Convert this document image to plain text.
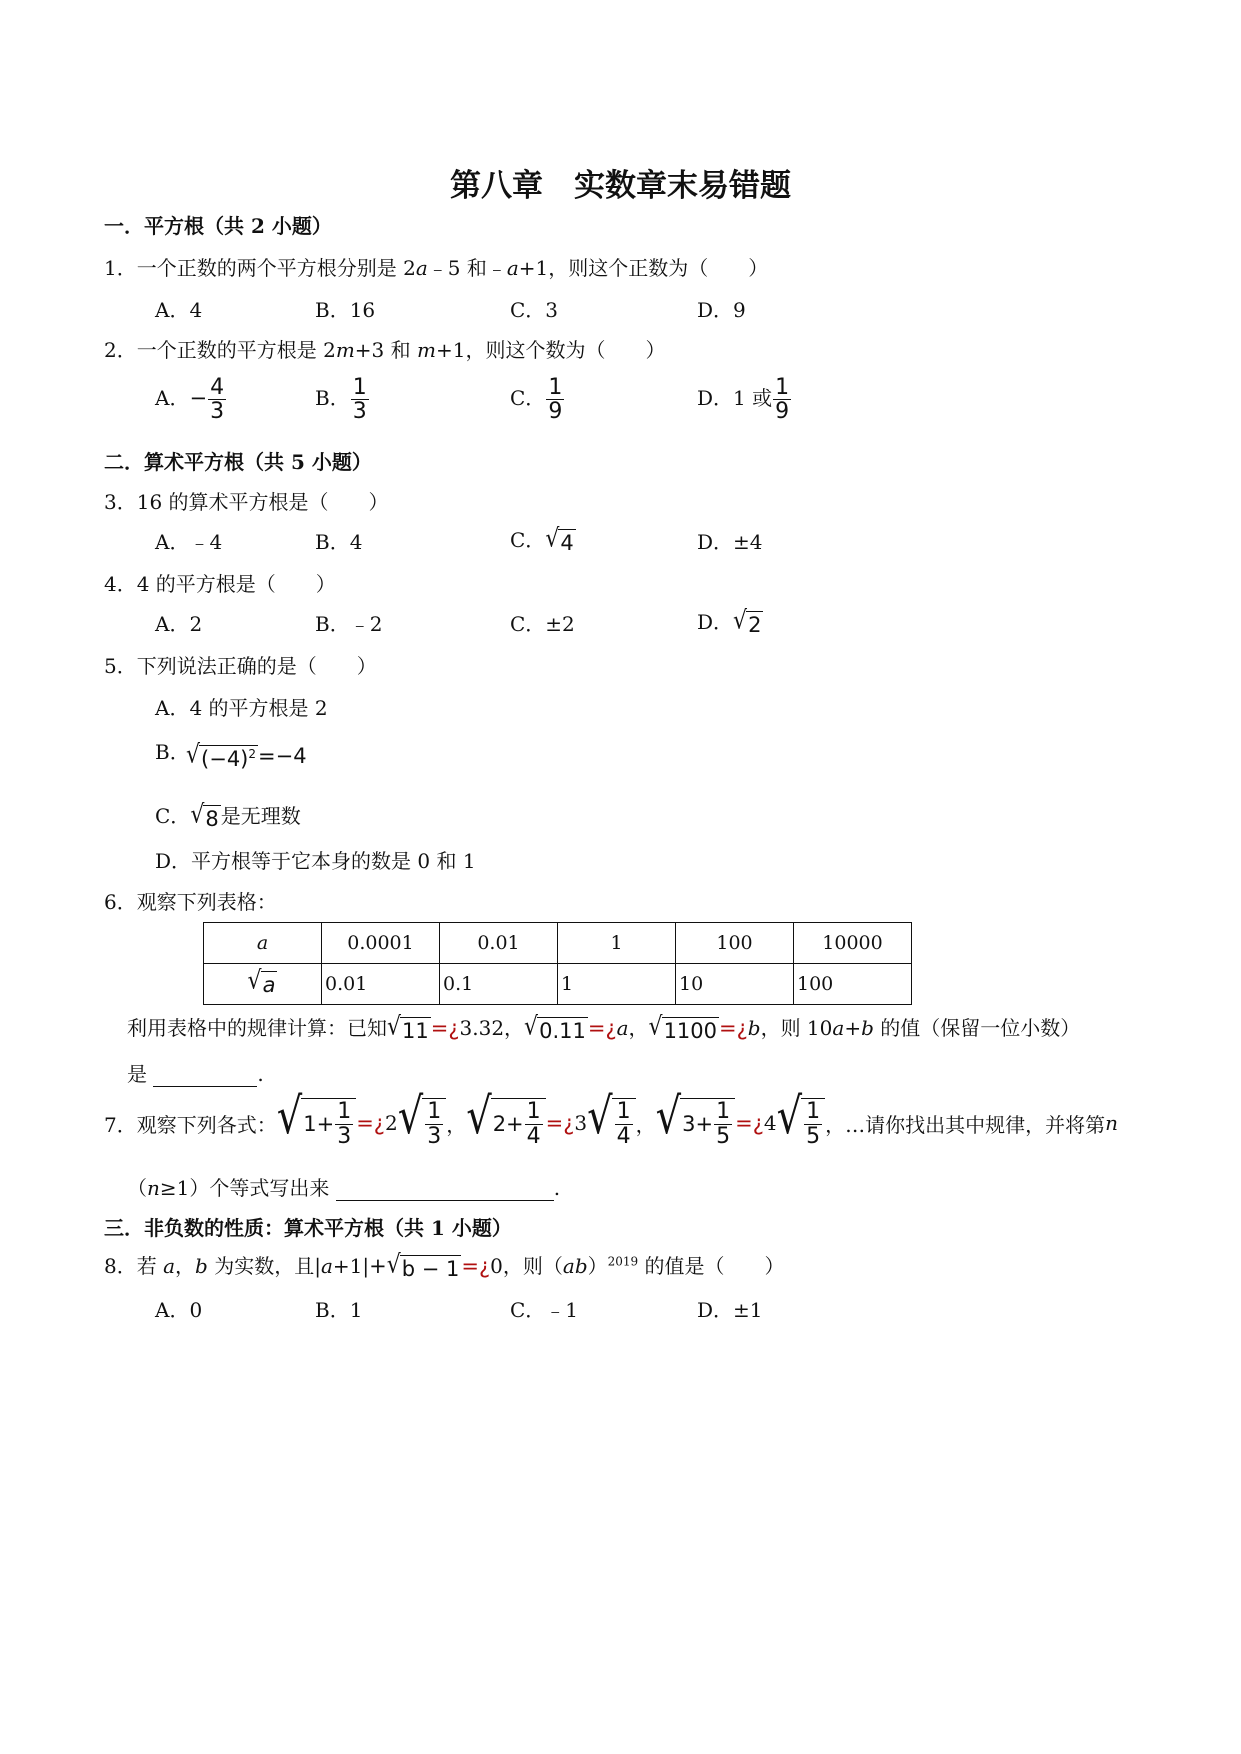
第八章　实数章末易错题
一．平方根（共 2 小题）
1．一个正数的两个平方根分别是 2a﹣5 和﹣a+1，则这个正数为（　　）
A．4	B．16	C．3	D．9
2．一个正数的平方根是 2m+3 和 m+1，则这个数为（　　）
A．− $\frac{4}{3}$	B． $\frac{1}{3}$	C． $\frac{1}{9}$	D．1 或 $\frac{1}{9}$
二．算术平方根（共 5 小题）
3．16 的算术平方根是（　　）
A．﹣4	B．4	C． √ 4	D．±4
4．4 的平方根是（　　）
A．2	B．﹣2	C．±2	D． √ 2
5．下列说法正确的是（　　）
A．4 的平方根是 2
B．
√ $(-4)^2 =-4$
C． √ 8 是无理数
D．平方根等于它本身的数是 0 和 1
6．观察下列表格：
a	0.0001	0.01	1	100	10000

√ a	0.01	0.1	1	10	100
利用表格中的规律计算：已知 √ 11 =¿3.32， √ 0.11 =¿a， √ 1100 =¿b，则 10a+b 的值（保留一位小数）
是	.
7．观察下列各式： √ $1+ \frac{1}{3}$ =¿ 2 √ $\frac{1}{3}$ ， √ $2+ \frac{1}{4}$ =¿ 3 √ $\frac{1}{4}$ ， √ $3+ \frac{1}{5}$ =¿ 4 √ $\frac{1}{5}$ ，…请你找出其中规律，并将第 n
（n≥1）个等式写出来	.
三．非负数的性质：算术平方根（共 1 小题）
8．若 a，b 为实数，且|a+1|+ √ b − 1 =¿0，则（ab）$^{2019}$ 的值是（　　）
A．0	B．1	C．﹣1	D．±1
